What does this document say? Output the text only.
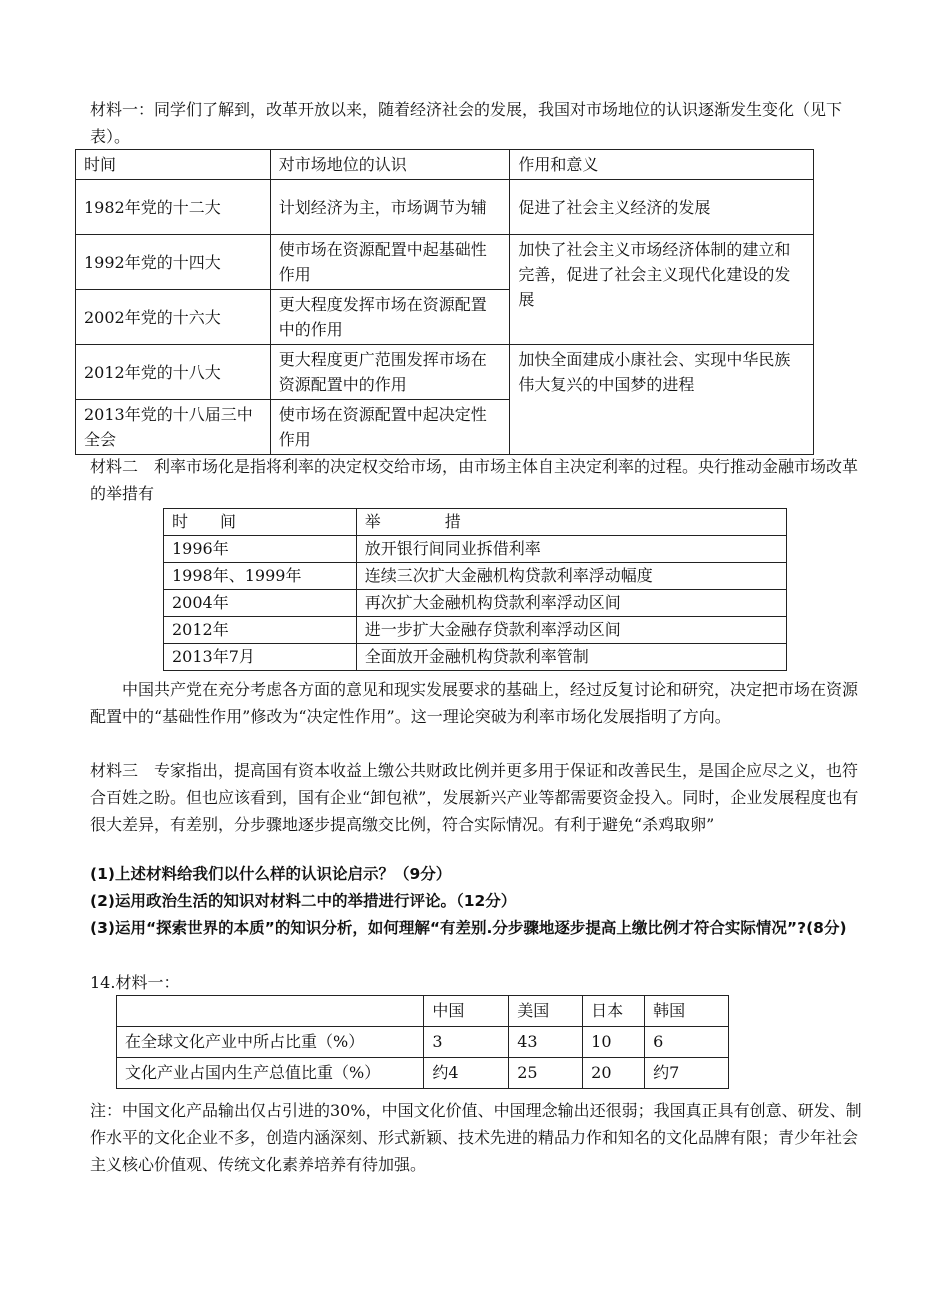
材料一：同学们了解到，改革开放以来，随着经济社会的发展，我国对市场地位的认识逐渐发生变化（见下表）。

时间	对市场地位的认识	作用和意义
1982年党的十二大	计划经济为主，市场调节为辅	促进了社会主义经济的发展
1992年党的十四大	使市场在资源配置中起基础性作用	加快了社会主义市场经济体制的建立和完善，促进了社会主义现代化建设的发展
2002年党的十六大	更大程度发挥市场在资源配置中的作用	
2012年党的十八大	更大程度更广范围发挥市场在资源配置中的作用	加快全面建成小康社会、实现中华民族伟大复兴的中国梦的进程
2013年党的十八届三中全会	使市场在资源配置中起决定性作用	

材料二　利率市场化是指将利率的决定权交给市场，由市场主体自主决定利率的过程。央行推动金融市场改革的举措有

时　　间	举　　　　措
1996年	放开银行间同业拆借利率
1998年、1999年	连续三次扩大金融机构贷款利率浮动幅度
2004年	再次扩大金融机构贷款利率浮动区间
2012年	进一步扩大金融存贷款利率浮动区间
2013年7月	全面放开金融机构贷款利率管制

中国共产党在充分考虑各方面的意见和现实发展要求的基础上，经过反复讨论和研究，决定把市场在资源配置中的“基础性作用”修改为“决定性作用”。这一理论突破为利率市场化发展指明了方向。

材料三　专家指出，提高国有资本收益上缴公共财政比例并更多用于保证和改善民生，是国企应尽之义，也符合百姓之盼。但也应该看到，国有企业“卸包袱”，发展新兴产业等都需要资金投入。同时，企业发展程度也有很大差异，有差别，分步骤地逐步提高缴交比例，符合实际情况。有利于避免“杀鸡取卵”

(1)上述材料给我们以什么样的认识论启示？（9分）

(2)运用政治生活的知识对材料二中的举措进行评论。（12分）

(3)运用“探索世界的本质”的知识分析，如何理解“有差别.分步骤地逐步提高上缴比例才符合实际情况”?(8分)

14.材料一：

	中国	美国	日本	韩国
在全球文化产业中所占比重（%）	3	43	10	6
文化产业占国内生产总值比重（%）	约4	25	20	约7

注：中国文化产品输出仅占引进的30%，中国文化价值、中国理念输出还很弱；我国真正具有创意、研发、制作水平的文化企业不多，创造内涵深刻、形式新颖、技术先进的精品力作和知名的文化品牌有限；青少年社会主义核心价值观、传统文化素养培养有待加强。
